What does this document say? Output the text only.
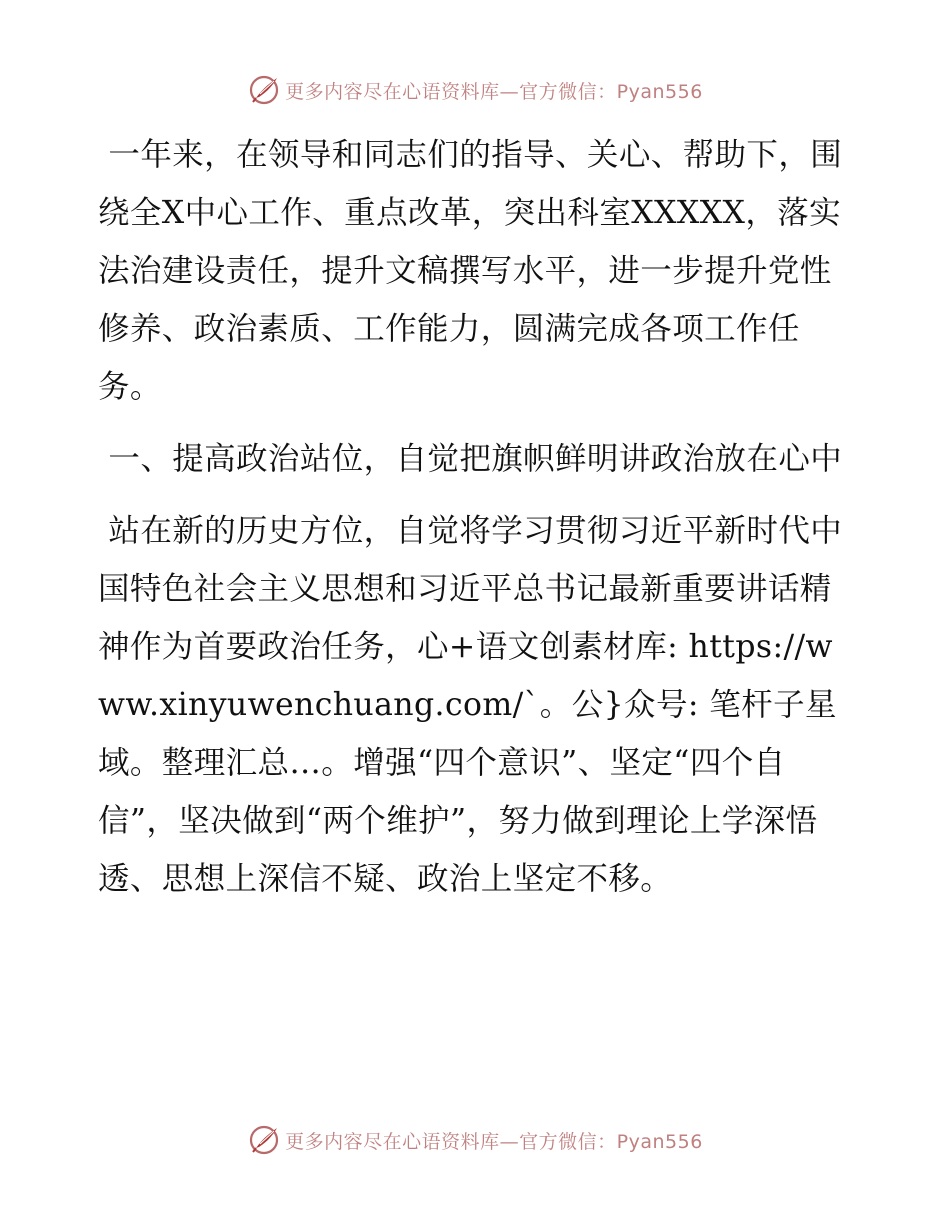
更多内容尽在心语资料库—官方微信：Pyan556

一年来，在领导和同志们的指导、关心、帮助下，围绕全X中心工作、重点改革，突出科室XXXXX，落实法治建设责任，提升文稿撰写水平，进一步提升党性修养、政治素质、工作能力，圆满完成各项工作任务。

一、提高政治站位，自觉把旗帜鲜明讲政治放在心中

站在新的历史方位，自觉将学习贯彻习近平新时代中国特色社会主义思想和习近平总书记最新重要讲话精神作为首要政治任务，心+语文创素材库: https://www.xinyuwenchuang.com/`。公}众号: 笔杆子星域。整理汇总…。增强“四个意识”、坚定“四个自信”，坚决做到“两个维护”，努力做到理论上学深悟透、思想上深信不疑、政治上坚定不移。

更多内容尽在心语资料库—官方微信：Pyan556
